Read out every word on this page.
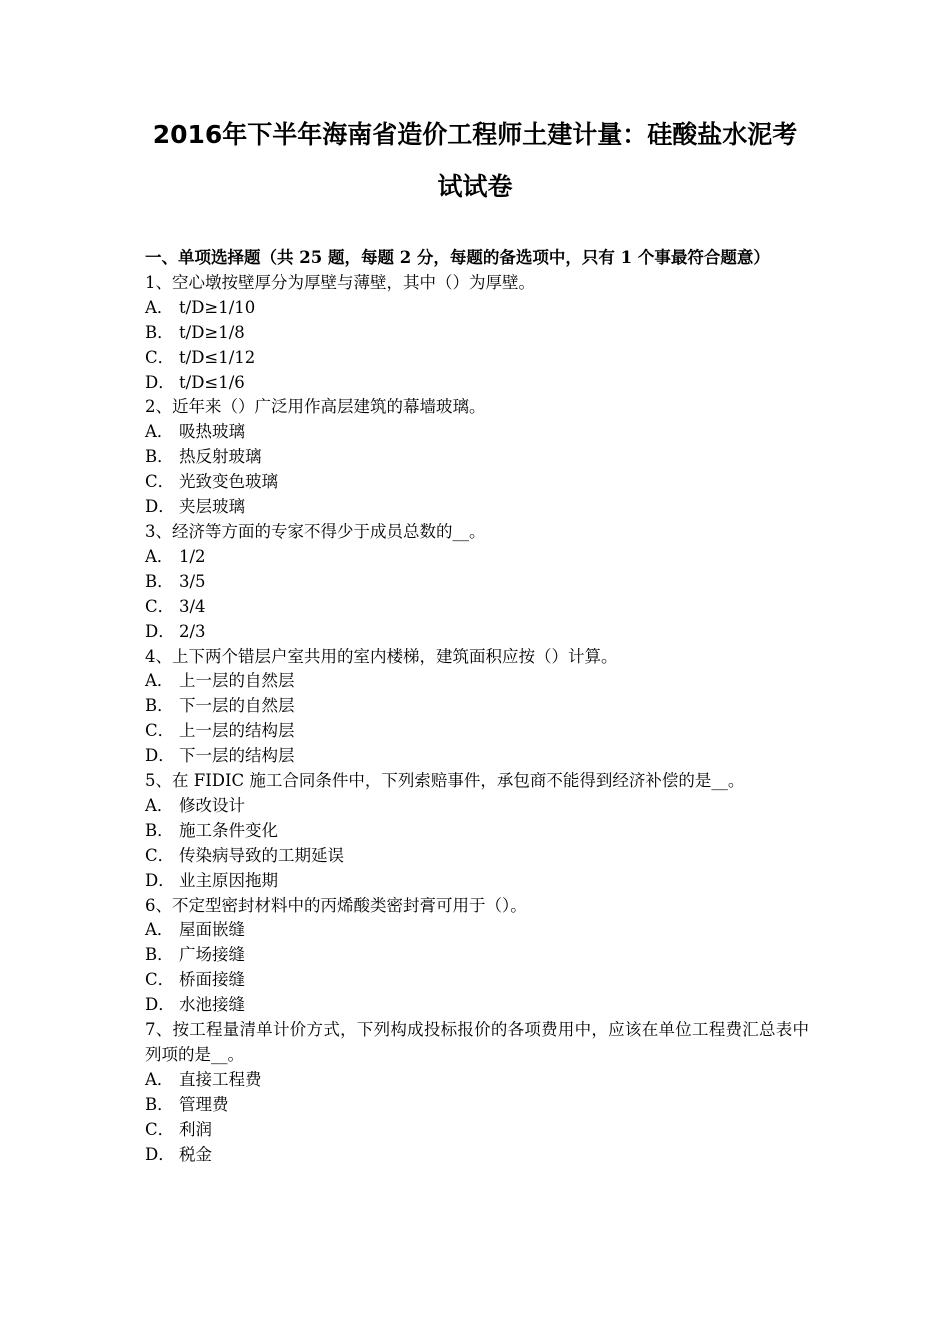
2016年下半年海南省造价工程师土建计量：硅酸盐水泥考
试试卷
一、单项选择题（共 25 题，每题 2 分，每题的备选项中，只有 1 个事最符合题意）
1、空心墩按壁厚分为厚壁与薄壁，其中（）为厚壁。
A． t/D≥1/10
B． t/D≥1/8
C． t/D≤1/12
D． t/D≤1/6
2、近年来（）广泛用作高层建筑的幕墙玻璃。
A． 吸热玻璃
B． 热反射玻璃
C． 光致变色玻璃
D． 夹层玻璃
3、经济等方面的专家不得少于成员总数的__。
A． 1/2
B． 3/5
C． 3/4
D． 2/3
4、上下两个错层户室共用的室内楼梯，建筑面积应按（）计算。
A． 上一层的自然层
B． 下一层的自然层
C． 上一层的结构层
D． 下一层的结构层
5、在 FIDIC 施工合同条件中，下列索赔事件，承包商不能得到经济补偿的是__。
A． 修改设计
B． 施工条件变化
C． 传染病导致的工期延误
D． 业主原因拖期
6、不定型密封材料中的丙烯酸类密封膏可用于（）。
A． 屋面嵌缝
B． 广场接缝
C． 桥面接缝
D． 水池接缝
7、按工程量清单计价方式，下列构成投标报价的各项费用中，应该在单位工程费汇总表中列项的是__。
A． 直接工程费
B． 管理费
C． 利润
D． 税金
